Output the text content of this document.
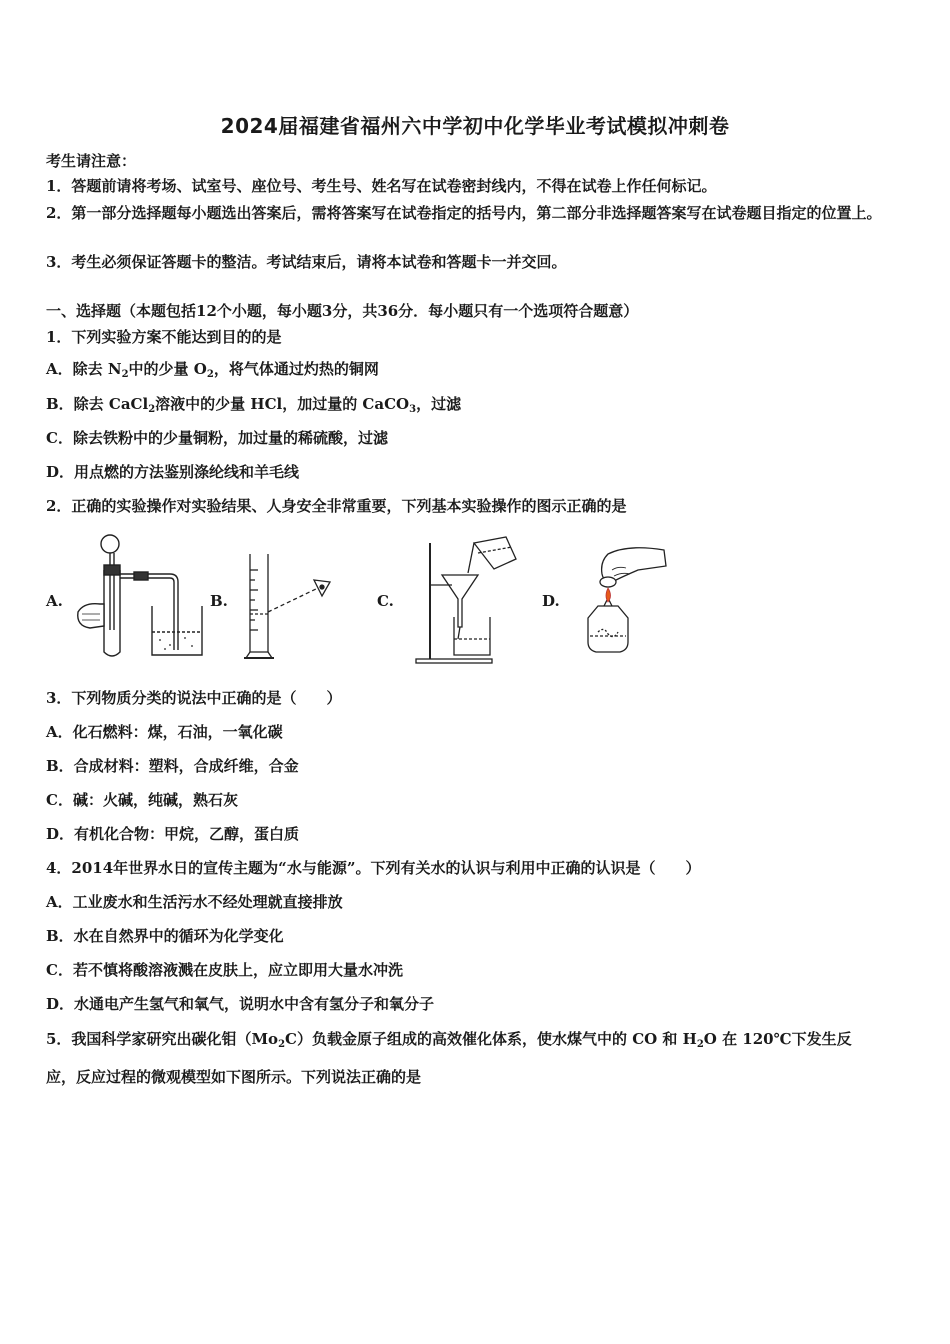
2024届福建省福州六中学初中化学毕业考试模拟冲刺卷
考生请注意：
1．答题前请将考场、试室号、座位号、考生号、姓名写在试卷密封线内，不得在试卷上作任何标记。
2．第一部分选择题每小题选出答案后，需将答案写在试卷指定的括号内，第二部分非选择题答案写在试卷题目指定的位置上。
3．考生必须保证答题卡的整洁。考试结束后，请将本试卷和答题卡一并交回。
一、选择题（本题包括12个小题，每小题3分，共36分．每小题只有一个选项符合题意）
1．下列实验方案不能达到目的的是
A．除去 $N_2$中的少量 $O_2$，将气体通过灼热的铜网
B．除去 CaCl$_2$溶液中的少量 HCl，加过量的 CaCO$_3$，过滤
C．除去铁粉中的少量铜粉，加过量的稀硫酸，过滤
D．用点燃的方法鉴别涤纶线和羊毛线
2．正确的实验操作对实验结果、人身安全非常重要，下列基本实验操作的图示正确的是
A.	B.	C.	D.
3．下列物质分类的说法中正确的是（　　）
A．化石燃料：煤，石油，一氧化碳
B．合成材料：塑料，合成纤维，合金
C．碱：火碱，纯碱，熟石灰
D．有机化合物：甲烷，乙醇，蛋白质
4．2014年世界水日的宣传主题为“水与能源”。下列有关水的认识与利用中正确的认识是（　　）
A．工业废水和生活污水不经处理就直接排放
B．水在自然界中的循环为化学变化
C．若不慎将酸溶液溅在皮肤上，应立即用大量水冲洗
D．水通电产生氢气和氧气，说明水中含有氢分子和氧分子
5．我国科学家研究出碳化钼$(Mo_2C)$负载金原子组成的高效催化体系，使水煤气中的 CO 和 $H_2O$ 在 120℃下发生反
应，反应过程的微观模型如下图所示。下列说法正确的是
